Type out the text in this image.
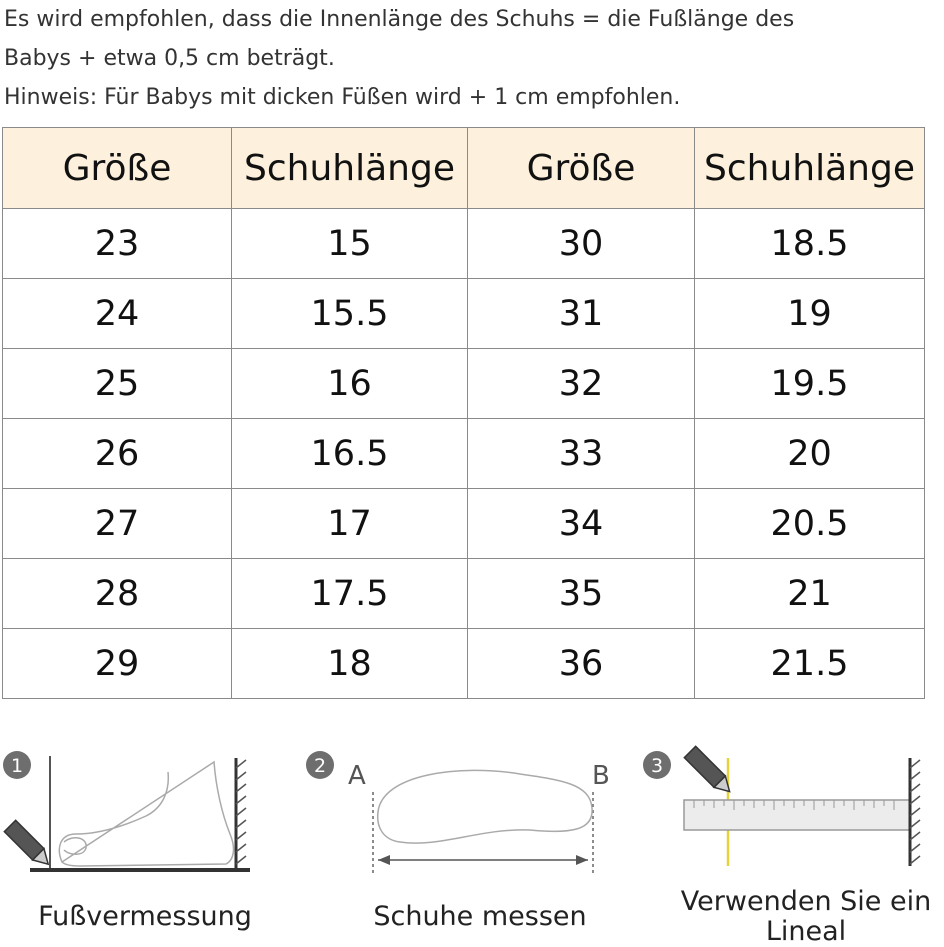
Es wird empfohlen, dass die Innenlänge des Schuhs = die Fußlänge des

Babys + etwa 0,5 cm beträgt.

Hinweis: Für Babys mit dicken Füßen wird + 1 cm empfohlen.

Größe	Schuhlänge	Größe	Schuhlänge
23	15	30	18.5
24	15.5	31	19
25	16	32	19.5
26	16.5	33	20
27	17	34	20.5
28	17.5	35	21
29	18	36	21.5
1
Fußvermessung
2 A	B
Schuhe messen
3
Verwenden Sie ein Lineal
